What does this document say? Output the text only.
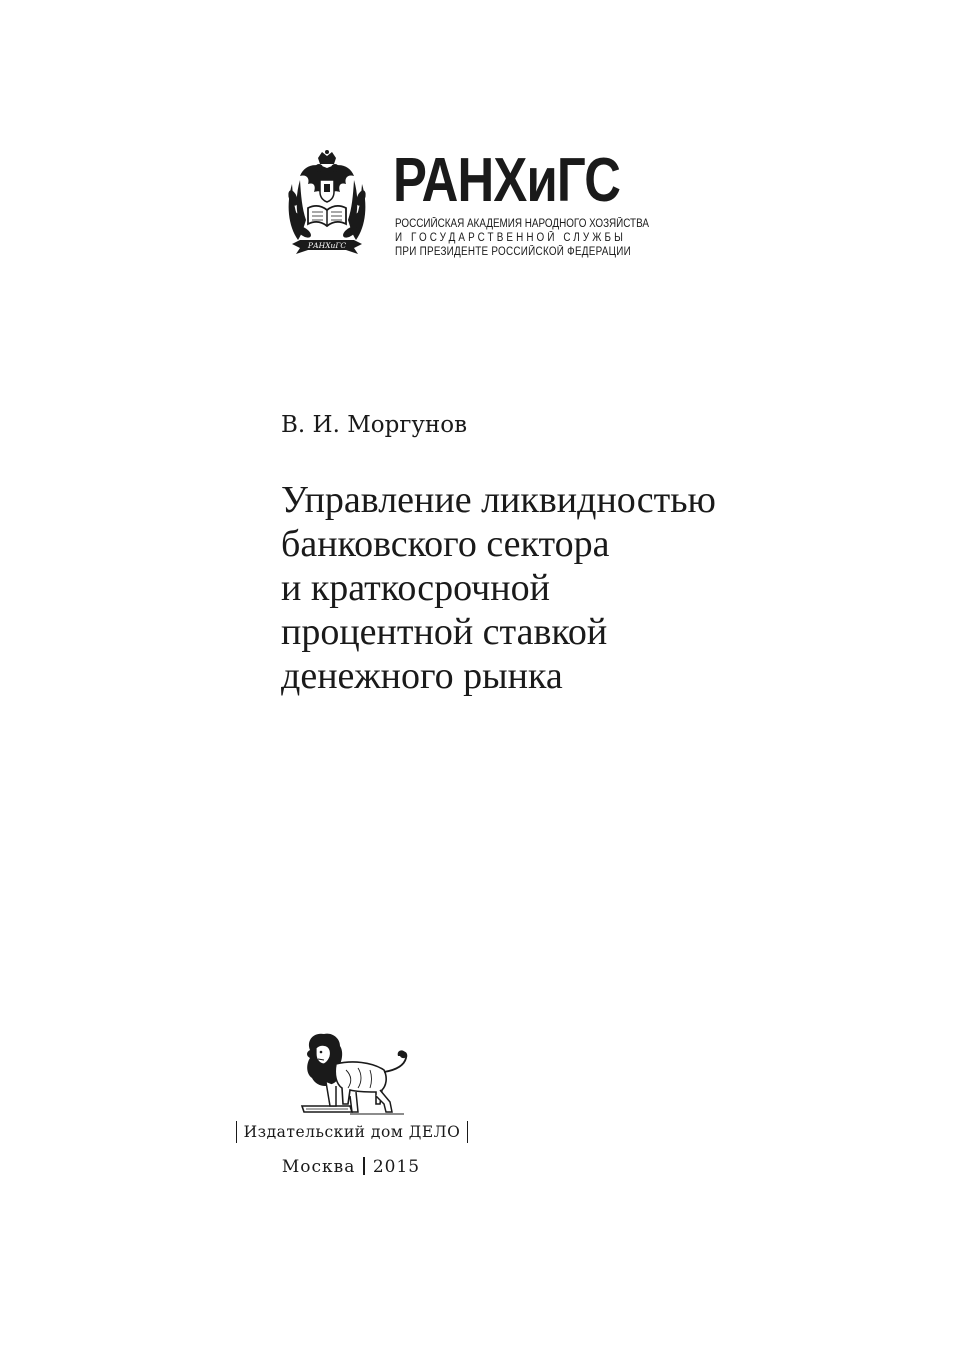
РАНХиГС
РАНХиГС
РОССИЙСКАЯ АКАДЕМИЯ НАРОДНОГО ХОЗЯЙСТВА
И ГОСУДАРСТВЕННОЙ СЛУЖБЫ
ПРИ ПРЕЗИДЕНТЕ РОССИЙСКОЙ ФЕДЕРАЦИИ
В. И. Моргунов
Управление ликвидностью
банковского сектора
и краткосрочной
процентной ставкой
денежного рынка
Издательский дом ДЕЛО
Москва 2015
